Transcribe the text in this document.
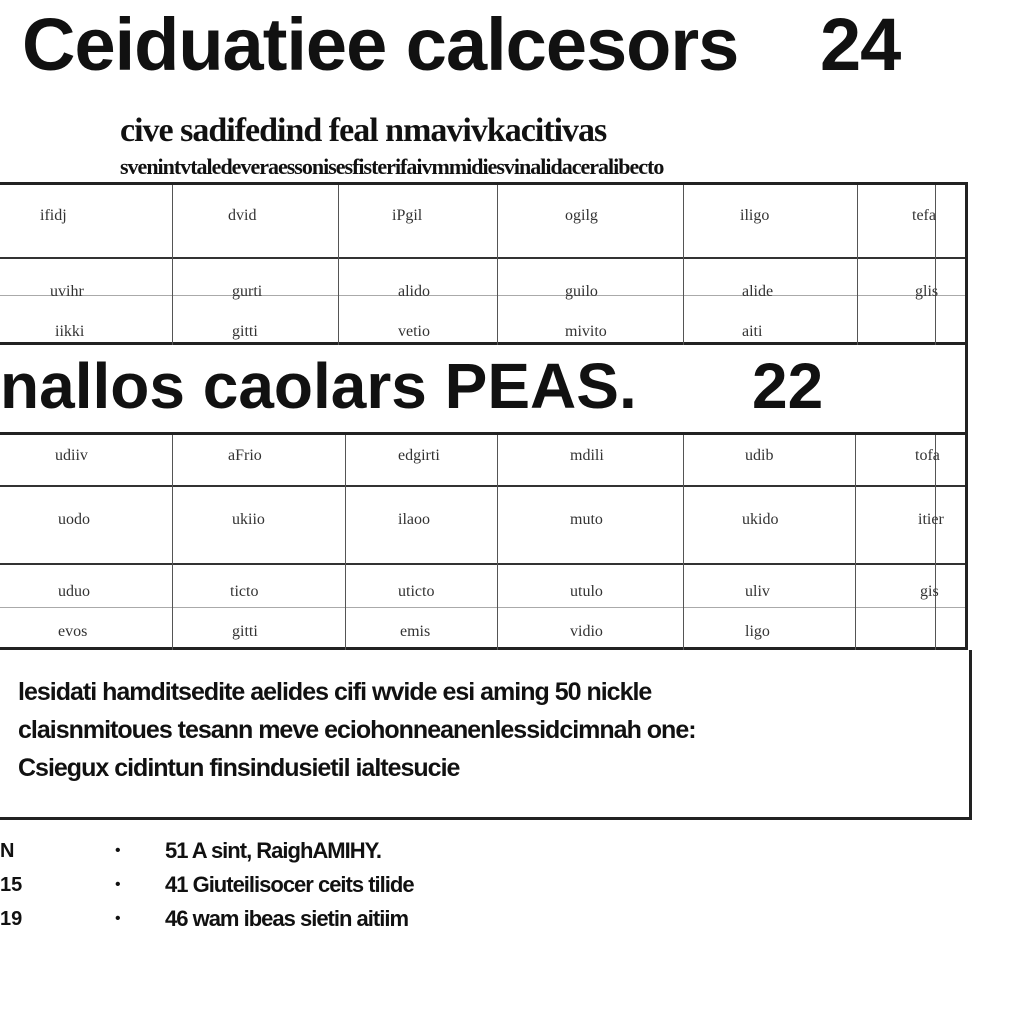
Ceiduatiee calcesors 24
cive sadifedind feal nmavivkacitivas
svenintvtaledeveraessonisesfisterifaivmmidiesvinalidaceralibecto
ifidj	dvid	iPgil	ogilg	iligo	tefa
uvihr	gurti	alido	guilo	alide	glis
iikki	gitti	vetio	mivito	aiti
udiiv	aFrio	edgirti	mdili	udib	tofa
uodo	ukiio	ilaoo	muto	ukido	itier
uduo	ticto	uticto	utulo	uliv	gis
evos	gitti	emis	vidio	ligo
nallos caolars PEAS. 22
lesidati hamditsedite aelides cifi wvide esi aming 50 nickle
claisnmitoues tesann meve eciohonneanenlessidcimnah one:
Csiegux cidintun finsindusietil ialtesucie
N	• 51 A sint, RaighAMIHY.
15	• 41 Giuteilisocer ceits tilide
19	• 46 wam ibeas sietin aitiim
